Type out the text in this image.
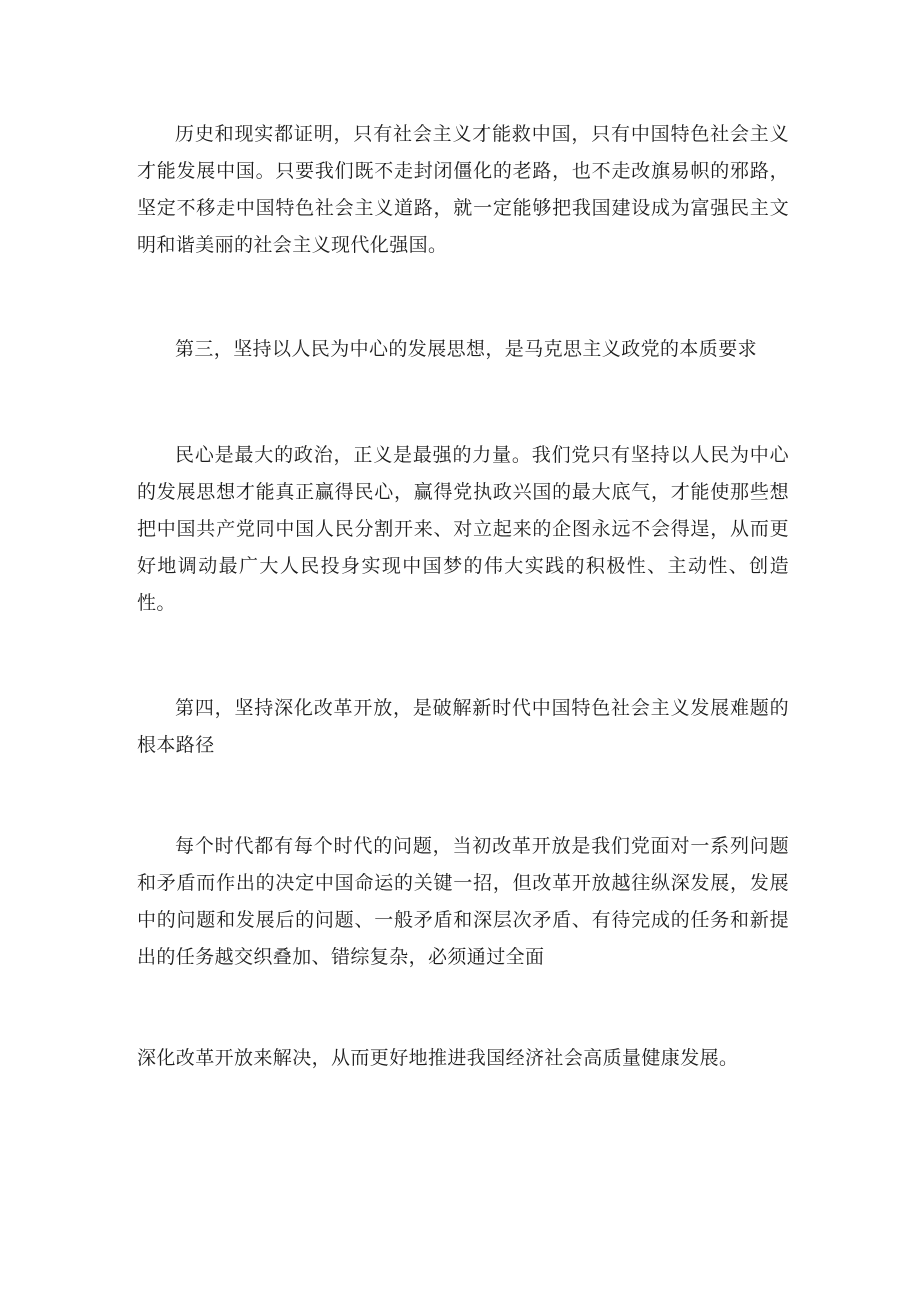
历史和现实都证明，只有社会主义才能救中国，只有中国特色社会主义才能发展中国。只要我们既不走封闭僵化的老路，也不走改旗易帜的邪路，坚定不移走中国特色社会主义道路，就一定能够把我国建设成为富强民主文明和谐美丽的社会主义现代化强国。

第三，坚持以人民为中心的发展思想，是马克思主义政党的本质要求

民心是最大的政治，正义是最强的力量。我们党只有坚持以人民为中心的发展思想才能真正赢得民心，赢得党执政兴国的最大底气，才能使那些想把中国共产党同中国人民分割开来、对立起来的企图永远不会得逞，从而更好地调动最广大人民投身实现中国梦的伟大实践的积极性、主动性、创造性。

第四，坚持深化改革开放，是破解新时代中国特色社会主义发展难题的根本路径

每个时代都有每个时代的问题，当初改革开放是我们党面对一系列问题和矛盾而作出的决定中国命运的关键一招，但改革开放越往纵深发展，发展中的问题和发展后的问题、一般矛盾和深层次矛盾、有待完成的任务和新提出的任务越交织叠加、错综复杂，必须通过全面

深化改革开放来解决，从而更好地推进我国经济社会高质量健康发展。
